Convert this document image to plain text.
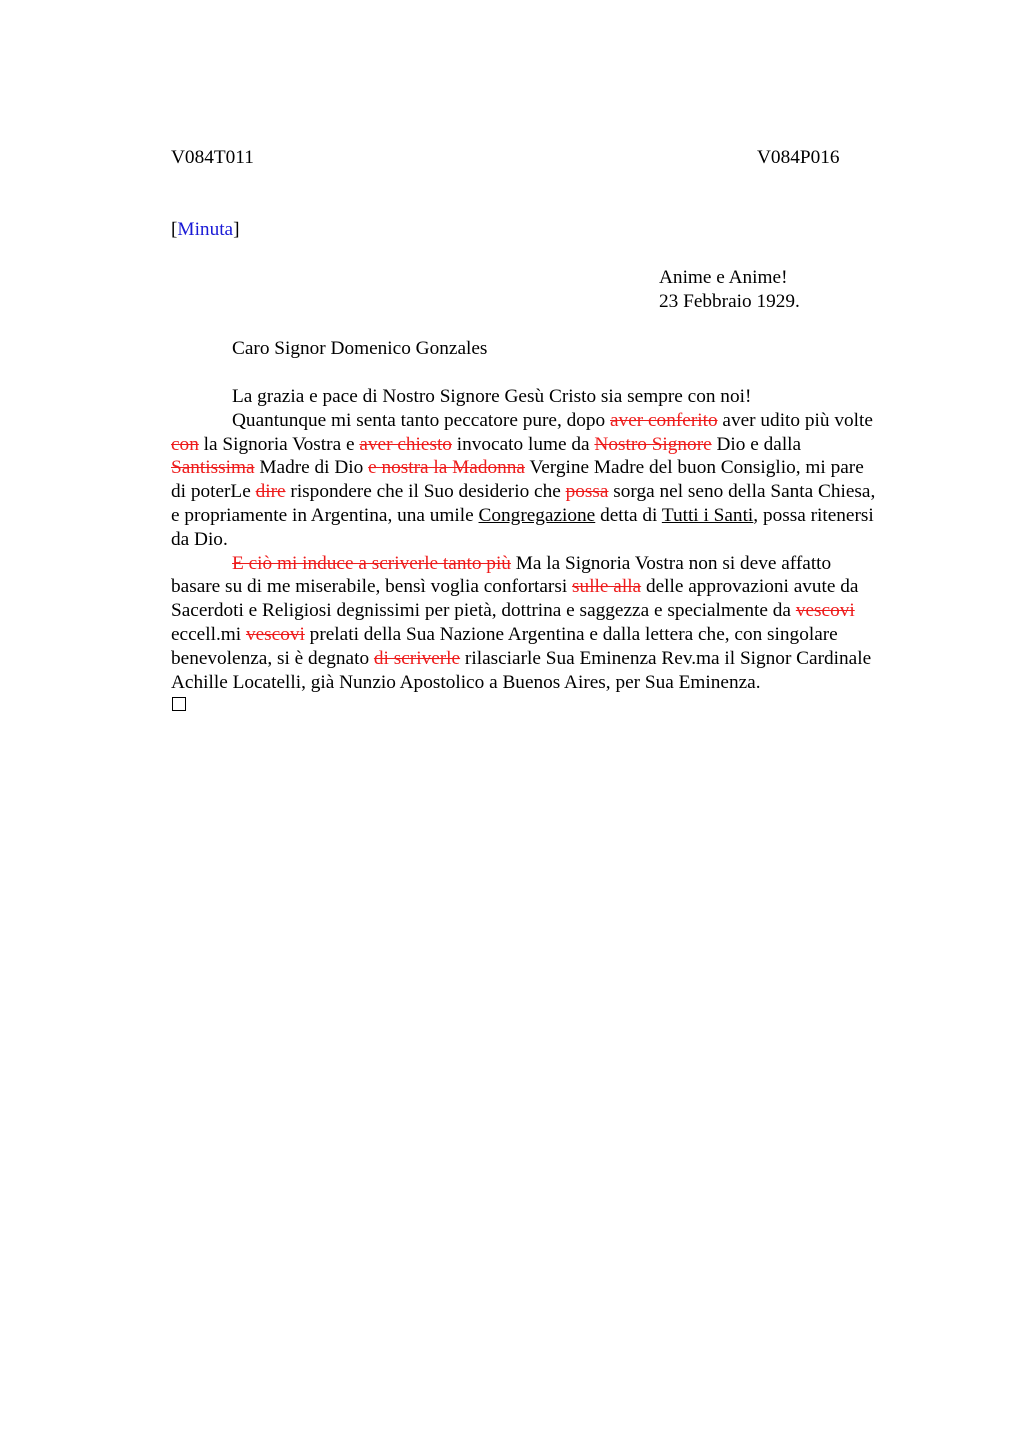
V084T011	V084P016
[Minuta]
Anime e Anime!
23 Febbraio 1929.
Caro Signor Domenico Gonzales
La grazia e pace di Nostro Signore Gesù Cristo sia sempre con noi!
Quantunque mi senta tanto peccatore pure, dopo aver conferito aver udito più volte
con la Signoria Vostra e aver chiesto invocato lume da Nostro Signore Dio e dalla
Santissima Madre di Dio e nostra la Madonna Vergine Madre del buon Consiglio, mi pare
di poterLe dire rispondere che il Suo desiderio che possa sorga nel seno della Santa Chiesa,
e propriamente in Argentina, una umile Congregazione detta di Tutti i Santi, possa ritenersi
da Dio.
E ciò mi induce a scriverle tanto più Ma la Signoria Vostra non si deve affatto
basare su di me miserabile, bensì voglia confortarsi sulle alla delle approvazioni avute da
Sacerdoti e Religiosi degnissimi per pietà, dottrina e saggezza e specialmente da vescovi
eccell.mi vescovi prelati della Sua Nazione Argentina e dalla lettera che, con singolare
benevolenza, si è degnato di scriverle rilasciarle Sua Eminenza Rev.ma il Signor Cardinale
Achille Locatelli, già Nunzio Apostolico a Buenos Aires, per Sua Eminenza.
